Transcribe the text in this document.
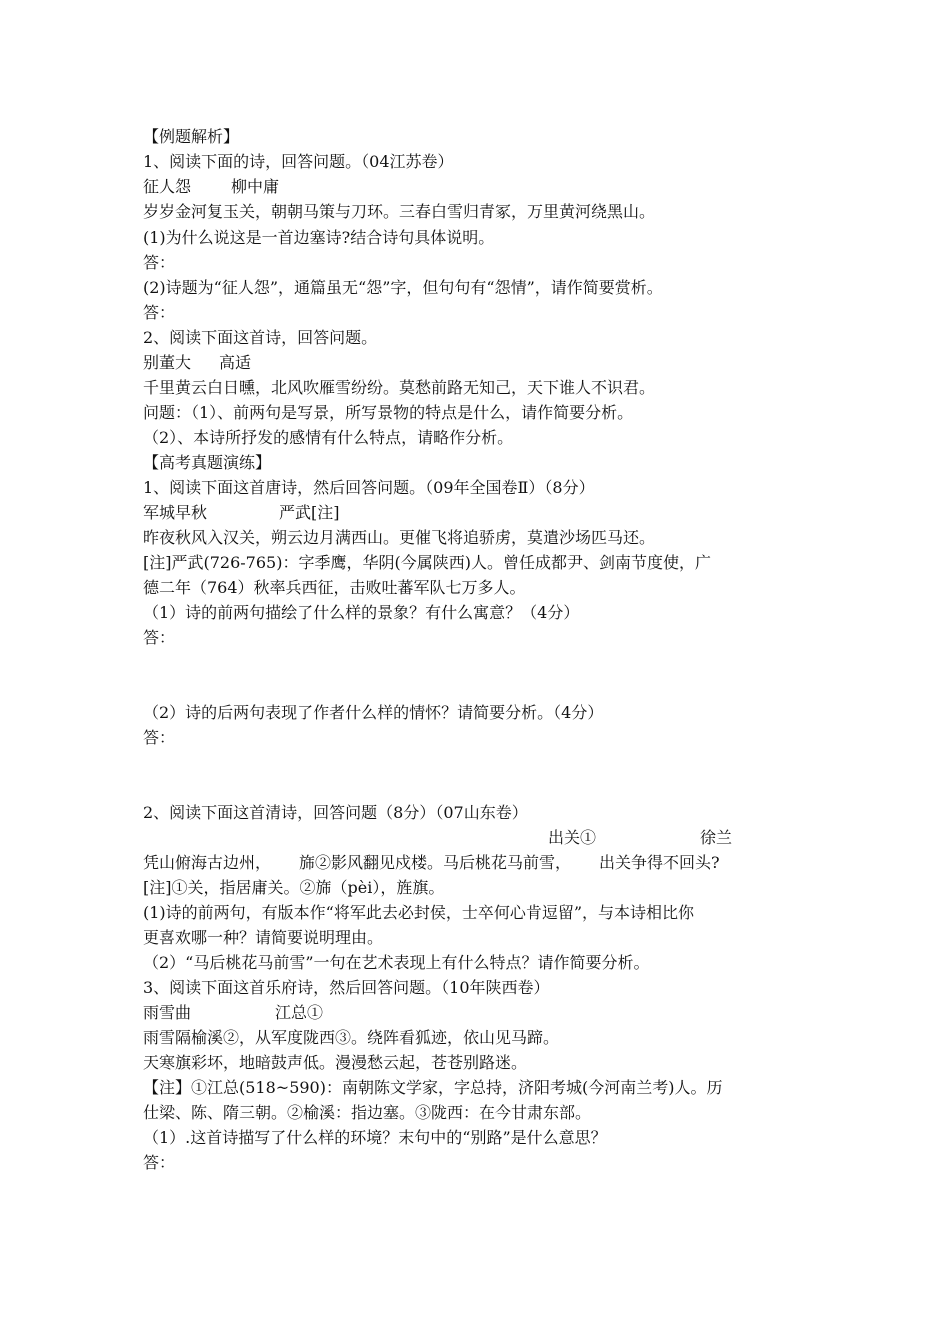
【例题解析】

1、阅读下面的诗，回答问题。（04江苏卷）

征人怨	柳中庸

岁岁金河复玉关，朝朝马策与刀环。三春白雪归青冢，万里黄河绕黑山。

(1)为什么说这是一首边塞诗?结合诗句具体说明。

答：

(2)诗题为“征人怨”，通篇虽无“怨”字，但句句有“怨情”，请作简要赏析。

答：

2、阅读下面这首诗，回答问题。

别董大 高适

千里黄云白日曛，北风吹雁雪纷纷。莫愁前路无知己，天下谁人不识君。

问题：（1）、前两句是写景，所写景物的特点是什么，请作简要分析。

（2）、本诗所抒发的感情有什么特点，请略作分析。

【高考真题演练】

1、阅读下面这首唐诗，然后回答问题。（09年全国卷Ⅱ）（8分）

军城早秋	严武[注]

昨夜秋风入汉关，朔云边月满西山。更催飞将追骄虏，莫遣沙场匹马还。

[注]严武(726-765)：字季鹰，华阴(今属陕西)人。曾任成都尹、剑南节度使，广

德二年（764）秋率兵西征，击败吐蕃军队七万多人。

（1）诗的前两句描绘了什么样的景象？有什么寓意？（4分）

答：

（2）诗的后两句表现了作者什么样的情怀？请简要分析。（4分）

答：

2、阅读下面这首清诗，回答问题（8分）（07山东卷）

出关①	徐兰

凭山俯海古边州， 旆②影风翻见戍楼。马后桃花马前雪， 出关争得不回头?

[注]①关，指居庸关。②旆（pèi），旌旗。

(1)诗的前两句，有版本作“将军此去必封侯，士卒何心肯逗留”，与本诗相比你

更喜欢哪一种？请简要说明理由。

（2）“马后桃花马前雪”一句在艺术表现上有什么特点？请作简要分析。

3、阅读下面这首乐府诗，然后回答问题。（10年陕西卷）

雨雪曲	江总①

雨雪隔榆溪②，从军度陇西③。绕阵看狐迹，依山见马蹄。

天寒旗彩坏，地暗鼓声低。漫漫愁云起，苍苍别路迷。

【注】①江总(518~590)：南朝陈文学家，字总持，济阳考城(今河南兰考)人。历

仕梁、陈、隋三朝。②榆溪：指边塞。③陇西：在今甘肃东部。

（1）.这首诗描写了什么样的环境？末句中的“别路”是什么意思？

答：
